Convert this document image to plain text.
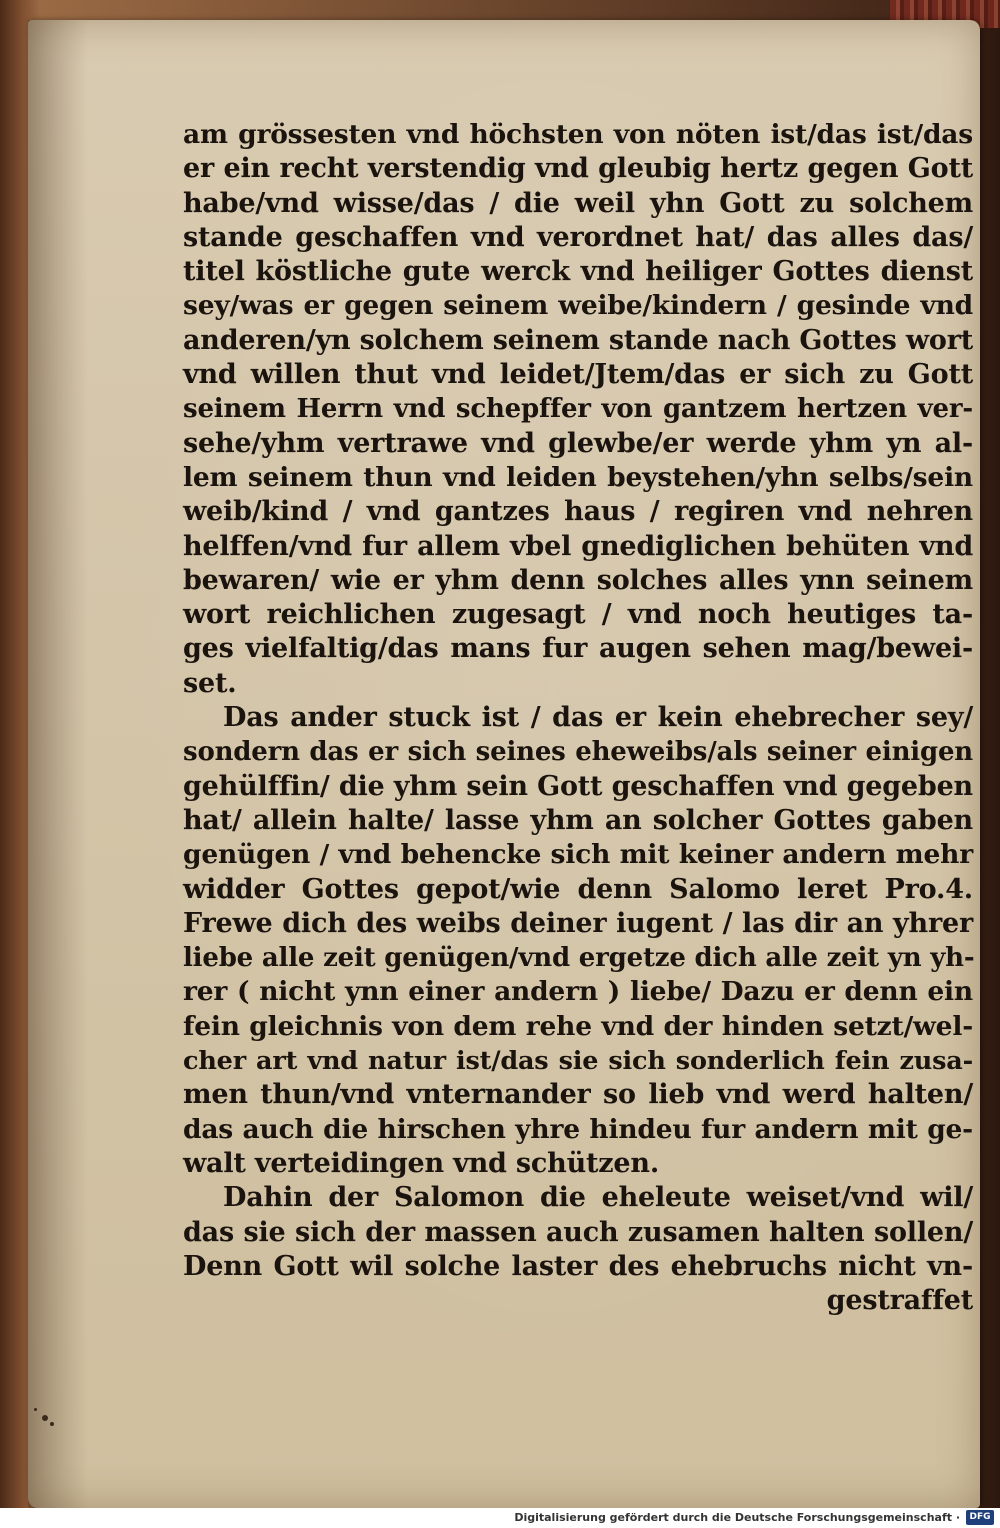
am grössesten vnd höchsten von nöten ist/das ist/das
er ein recht verstendig vnd gleubig hertz gegen Gott
habe/vnd wisse/das / die weil yhn Gott zu solchem
stande geschaffen vnd verordnet hat/ das alles das/
titel köstliche gute werck vnd heiliger Gottes dienst
sey/was er gegen seinem weibe/kindern / gesinde vnd
anderen/yn solchem seinem stande nach Gottes wort
vnd willen thut vnd leidet/Jtem/das er sich zu Gott
seinem Herrn vnd schepffer von gantzem hertzen ver-
sehe/yhm vertrawe vnd glewbe/er werde yhm yn al-
lem seinem thun vnd leiden beystehen/yhn selbs/sein
weib/kind / vnd gantzes haus / regiren vnd nehren
helffen/vnd fur allem vbel gnediglichen behüten vnd
bewaren/ wie er yhm denn solches alles ynn seinem
wort reichlichen zugesagt / vnd noch heutiges ta-
ges vielfaltig/das mans fur augen sehen mag/bewei-
set.
Das ander stuck ist / das er kein ehebrecher sey/
sondern das er sich seines eheweibs/als seiner einigen
gehülffin/ die yhm sein Gott geschaffen vnd gegeben
hat/ allein halte/ lasse yhm an solcher Gottes gaben
genügen / vnd behencke sich mit keiner andern mehr
widder Gottes gepot/wie denn Salomo leret Pro.4.
Frewe dich des weibs deiner iugent / las dir an yhrer
liebe alle zeit genügen/vnd ergetze dich alle zeit yn yh-
rer ( nicht ynn einer andern ) liebe/ Dazu er denn ein
fein gleichnis von dem rehe vnd der hinden setzt/wel-
cher art vnd natur ist/das sie sich sonderlich fein zusa-
men thun/vnd vnternander so lieb vnd werd halten/
das auch die hirschen yhre hindeu fur andern mit ge-
walt verteidingen vnd schützen.
Dahin der Salomon die eheleute weiset/vnd wil/
das sie sich der massen auch zusamen halten sollen/
Denn Gott wil solche laster des ehebruchs nicht vn-
gestraffet
Digitalisierung gefördert durch die Deutsche Forschungsgemeinschaft ·	DFG
